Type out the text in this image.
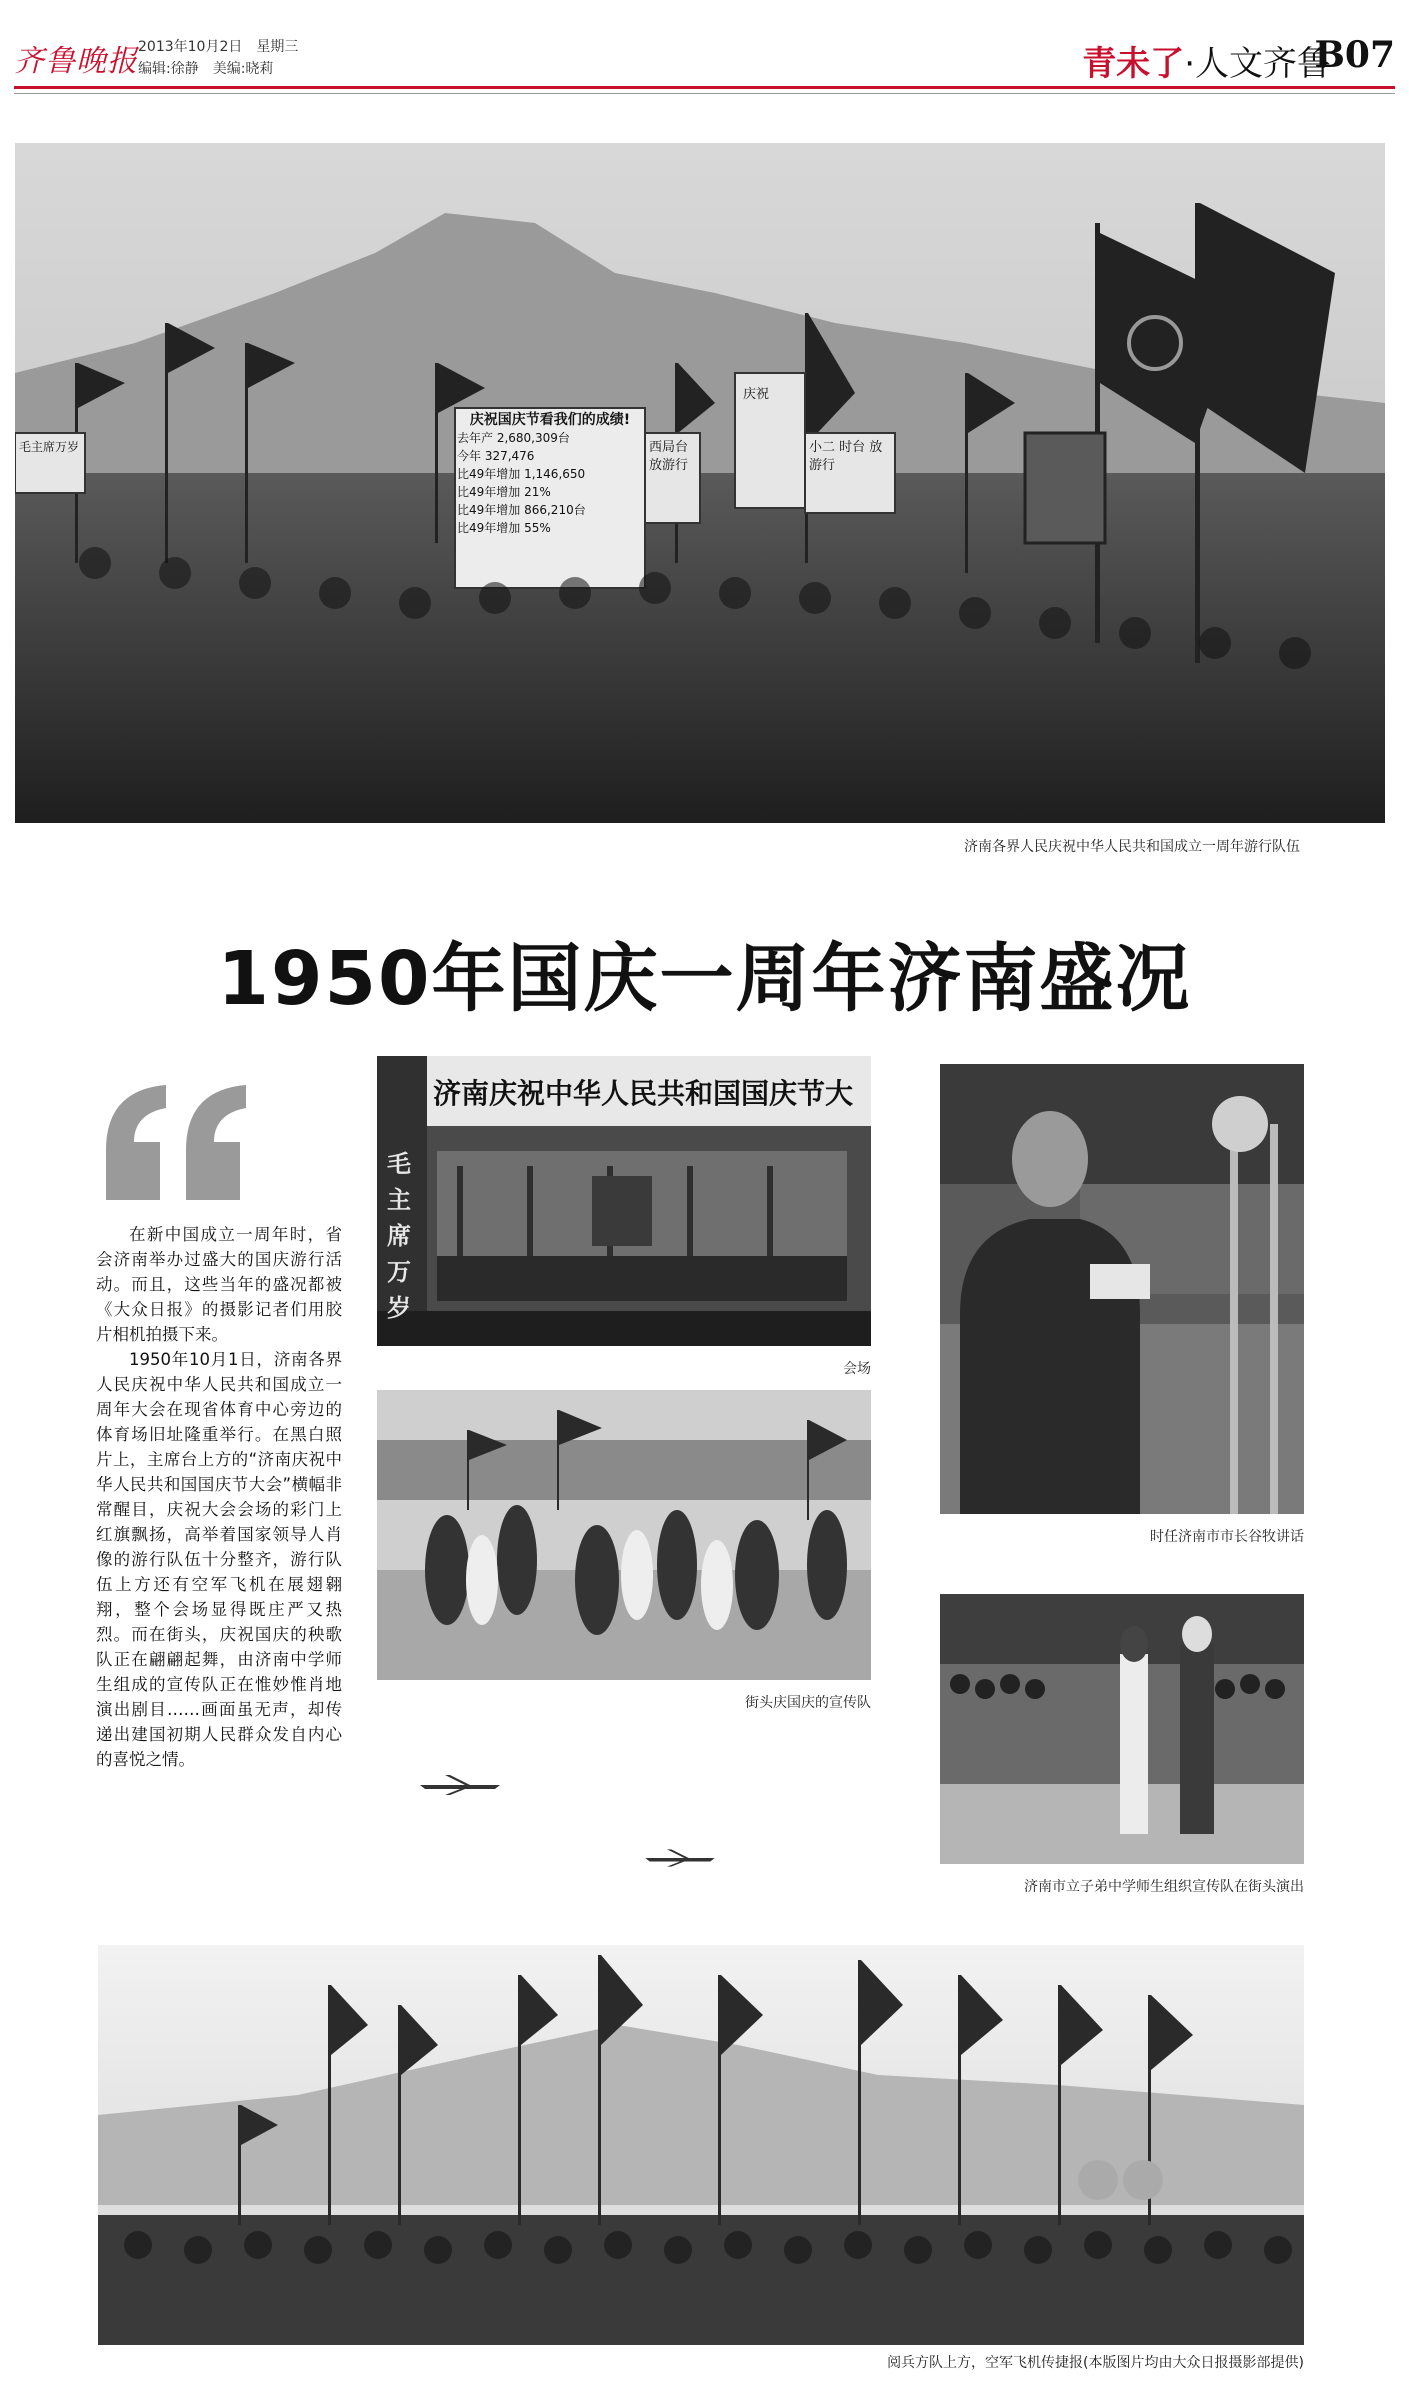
齐鲁晚报 2013年10月2日　星期三
编辑:徐静　美编:晓莉	青未了·人文齐鲁
B07
庆祝国庆节看我们的成绩!
去年产 2,680,309台
今年 327,476
比49年增加 1,146,650
比49年增加 21%
比49年增加 866,210台
比49年增加 55%
西局台 放游行
庆祝
小二 时台 放游行
毛主席万岁
济南各界人民庆祝中华人民共和国成立一周年游行队伍
1950年国庆一周年济南盛况

在新中国成立一周年时，省会济南举办过盛大的国庆游行活动。而且，这些当年的盛况都被《大众日报》的摄影记者们用胶片相机拍摄下来。

1950年10月1日，济南各界人民庆祝中华人民共和国成立一周年大会在现省体育中心旁边的体育场旧址隆重举行。在黑白照片上，主席台上方的“济南庆祝中华人民共和国国庆节大会”横幅非常醒目，庆祝大会会场的彩门上红旗飘扬，高举着国家领导人肖像的游行队伍十分整齐，游行队伍上方还有空军飞机在展翅翱翔，整个会场显得既庄严又热烈。而在街头，庆祝国庆的秧歌队正在翩翩起舞，由济南中学师生组成的宣传队正在惟妙惟肖地演出剧目……画面虽无声，却传递出建国初期人民群众发自内心的喜悦之情。

济南庆祝中华人民共和国国庆节大
毛主席万岁
会场
街头庆国庆的宣传队
时任济南市市长谷牧讲话
济南市立子弟中学师生组织宣传队在街头演出
阅兵方队上方，空军飞机传捷报(本版图片均由大众日报摄影部提供)
